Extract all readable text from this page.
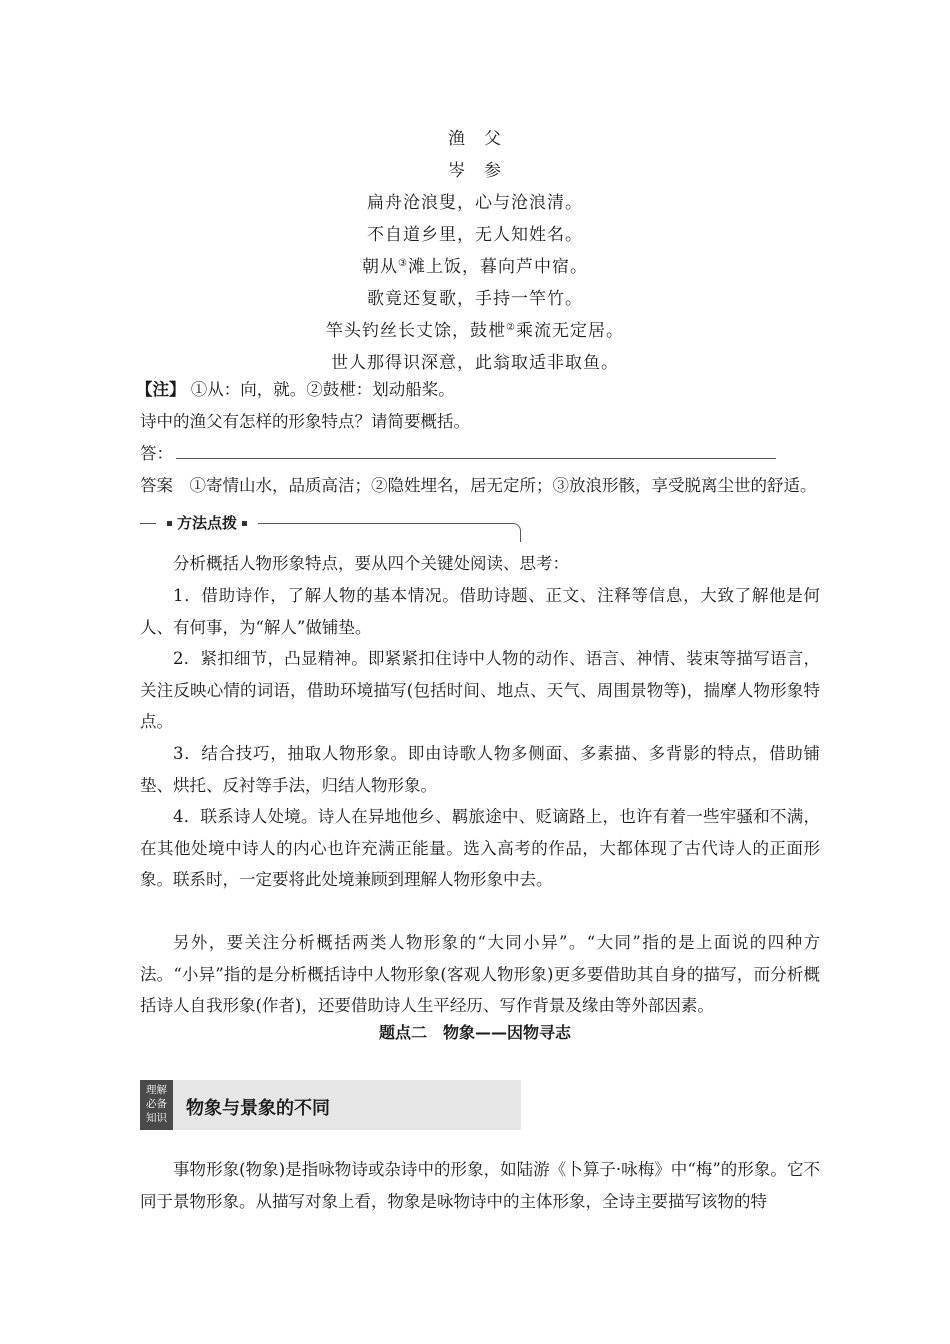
渔　父
岑　参
扁舟沧浪叟，心与沧浪清。
不自道乡里，无人知姓名。
朝从③滩上饭，暮向芦中宿。
歌竟还复歌，手持一竿竹。
竿头钓丝长丈馀，鼓枻②乘流无定居。
世人那得识深意，此翁取适非取鱼。
【注】 ①从：向，就。②鼓枻：划动船桨。
诗中的渔父有怎样的形象特点？请简要概括。
答：
答案　 ①寄情山水，品质高洁；②隐姓埋名，居无定所；③放浪形骸，享受脱离尘世的舒适。
方法点拨
分析概括人物形象特点，要从四个关键处阅读、思考：
1．借助诗作，了解人物的基本情况。借助诗题、正文、注释等信息，大致了解他是何人、有何事，为“解人”做铺垫。
2．紧扣细节，凸显精神。即紧紧扣住诗中人物的动作、语言、神情、装束等描写语言，关注反映心情的词语，借助环境描写(包括时间、地点、天气、周围景物等)，揣摩人物形象特点。
3．结合技巧，抽取人物形象。即由诗歌人物多侧面、多素描、多背影的特点，借助铺垫、烘托、反衬等手法，归结人物形象。
4．联系诗人处境。诗人在异地他乡、羁旅途中、贬谪路上，也许有着一些牢骚和不满，在其他处境中诗人的内心也许充满正能量。选入高考的作品，大都体现了古代诗人的正面形象。联系时，一定要将此处境兼顾到理解人物形象中去。
另外，要关注分析概括两类人物形象的“大同小异”。“大同”指的是上面说的四种方法。“小异”指的是分析概括诗中人物形象(客观人物形象)更多要借助其自身的描写，而分析概括诗人自我形象(作者)，还要借助诗人生平经历、写作背景及缘由等外部因素。
题点二　物象——因物寻志
理解
必备
知识	物象与景象的不同
事物形象(物象)是指咏物诗或杂诗中的形象，如陆游《卜算子·咏梅》中“梅”的形象。它不同于景物形象。从描写对象上看，物象是咏物诗中的主体形象，全诗主要描写该物的特
